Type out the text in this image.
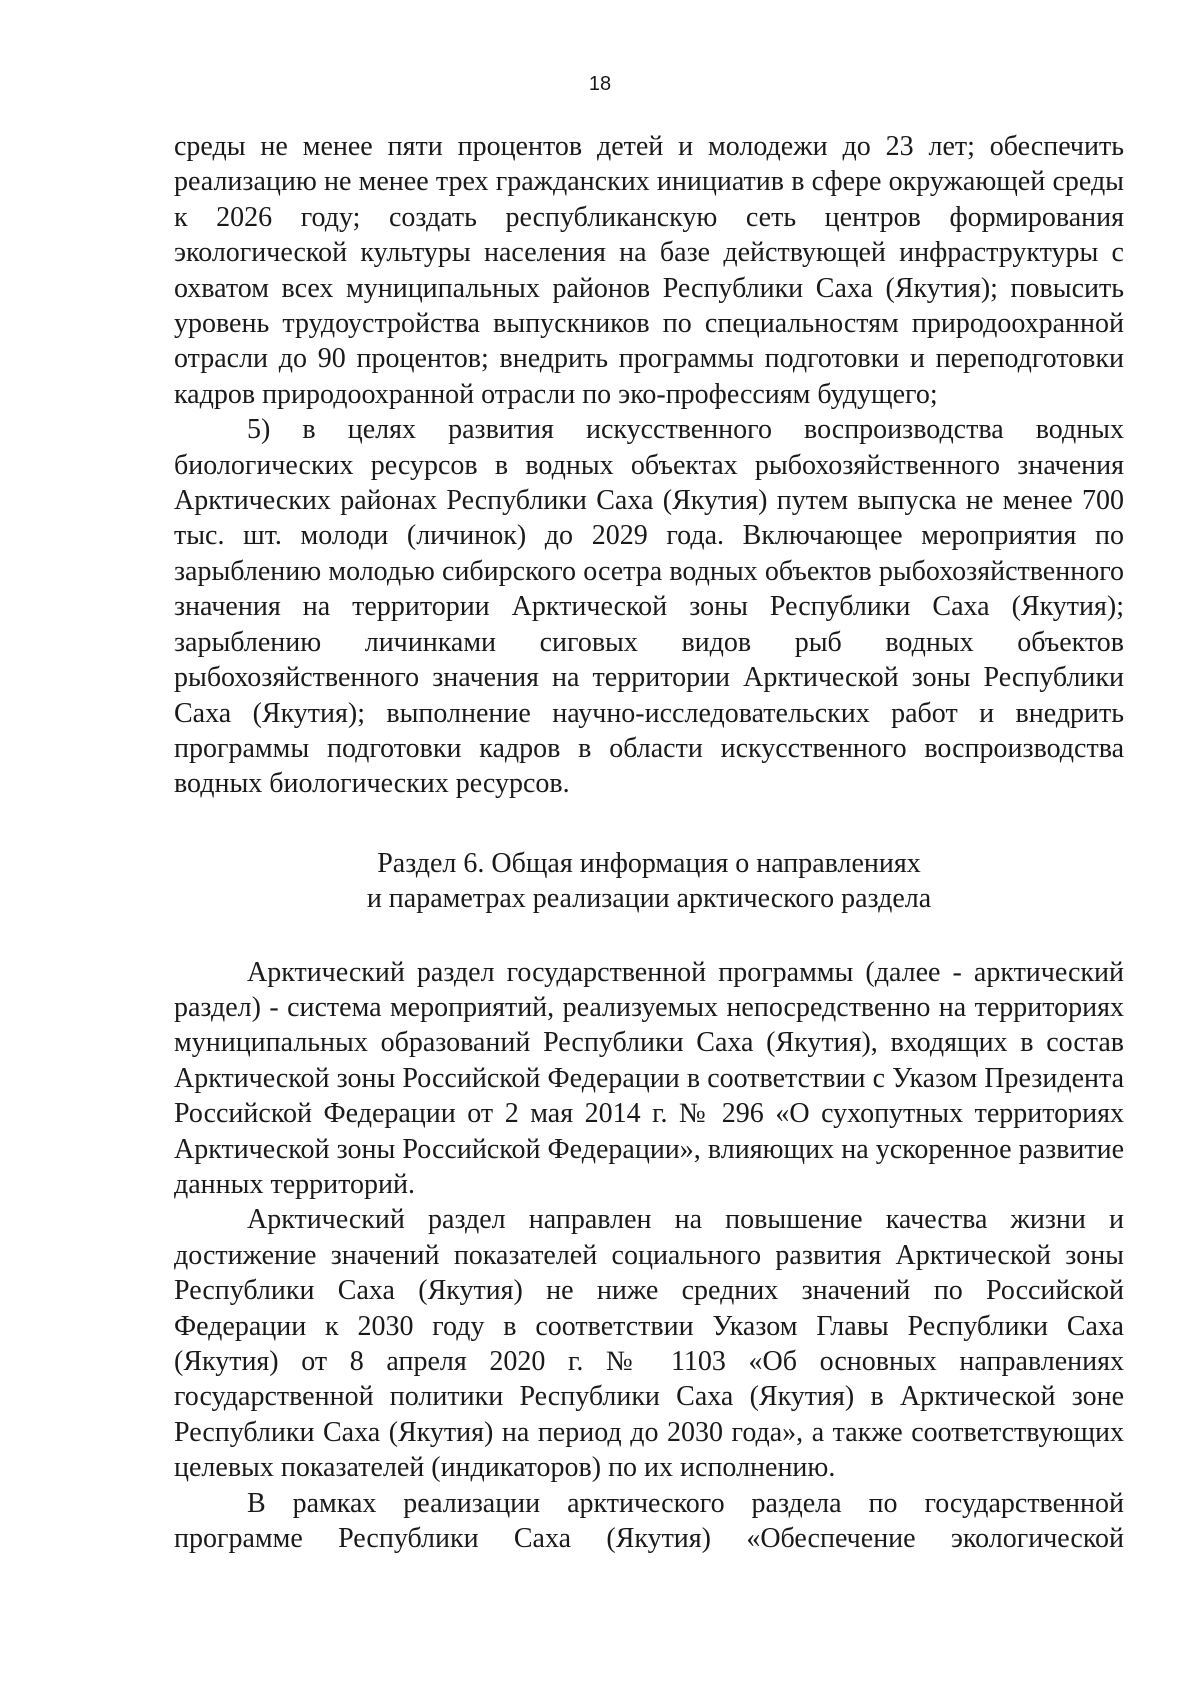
18

среды не менее пяти процентов детей и молодежи до 23 лет; обеспечить реализацию не менее трех гражданских инициатив в сфере окружающей среды к 2026 году; создать республиканскую сеть центров формирования экологической культуры населения на базе действующей инфраструктуры с охватом всех муниципальных районов Республики Саха (Якутия); повысить уровень трудоустройства выпускников по специальностям природоохранной отрасли до 90 процентов; внедрить программы подготовки и переподготовки кадров природоохранной отрасли по эко-профессиям будущего;

5) в целях развития искусственного воспроизводства водных биологических ресурсов в водных объектах рыбохозяйственного значения Арктических районах Республики Саха (Якутия) путем выпуска не менее 700 тыс. шт. молоди (личинок) до 2029 года. Включающее мероприятия по зарыблению молодью сибирского осетра водных объектов рыбохозяйственного значения на территории Арктической зоны Республики Саха (Якутия); зарыблению личинками сиговых видов рыб водных объектов рыбохозяйственного значения на территории Арктической зоны Республики Саха (Якутия); выполнение научно-исследовательских работ и внедрить программы подготовки кадров в области искусственного воспроизводства водных биологических ресурсов.

Раздел 6. Общая информация о направлениях
и параметрах реализации арктического раздела

Арктический раздел государственной программы (далее - арктический раздел) - система мероприятий, реализуемых непосредственно на территориях муниципальных образований Республики Саха (Якутия), входящих в состав Арктической зоны Российской Федерации в соответствии с Указом Президента Российской Федерации от 2 мая 2014 г. № 296 «О сухопутных территориях Арктической зоны Российской Федерации», влияющих на ускоренное развитие данных территорий.

Арктический раздел направлен на повышение качества жизни и достижение значений показателей социального развития Арктической зоны Республики Саха (Якутия) не ниже средних значений по Российской Федерации к 2030 году в соответствии Указом Главы Республики Саха (Якутия) от 8 апреля 2020 г. № 1103 «Об основных направлениях государственной политики Республики Саха (Якутия) в Арктической зоне Республики Саха (Якутия) на период до 2030 года», а также соответствующих целевых показателей (индикаторов) по их исполнению.

В рамках реализации арктического раздела по государственной программе Республики Саха (Якутия) «Обеспечение экологической
